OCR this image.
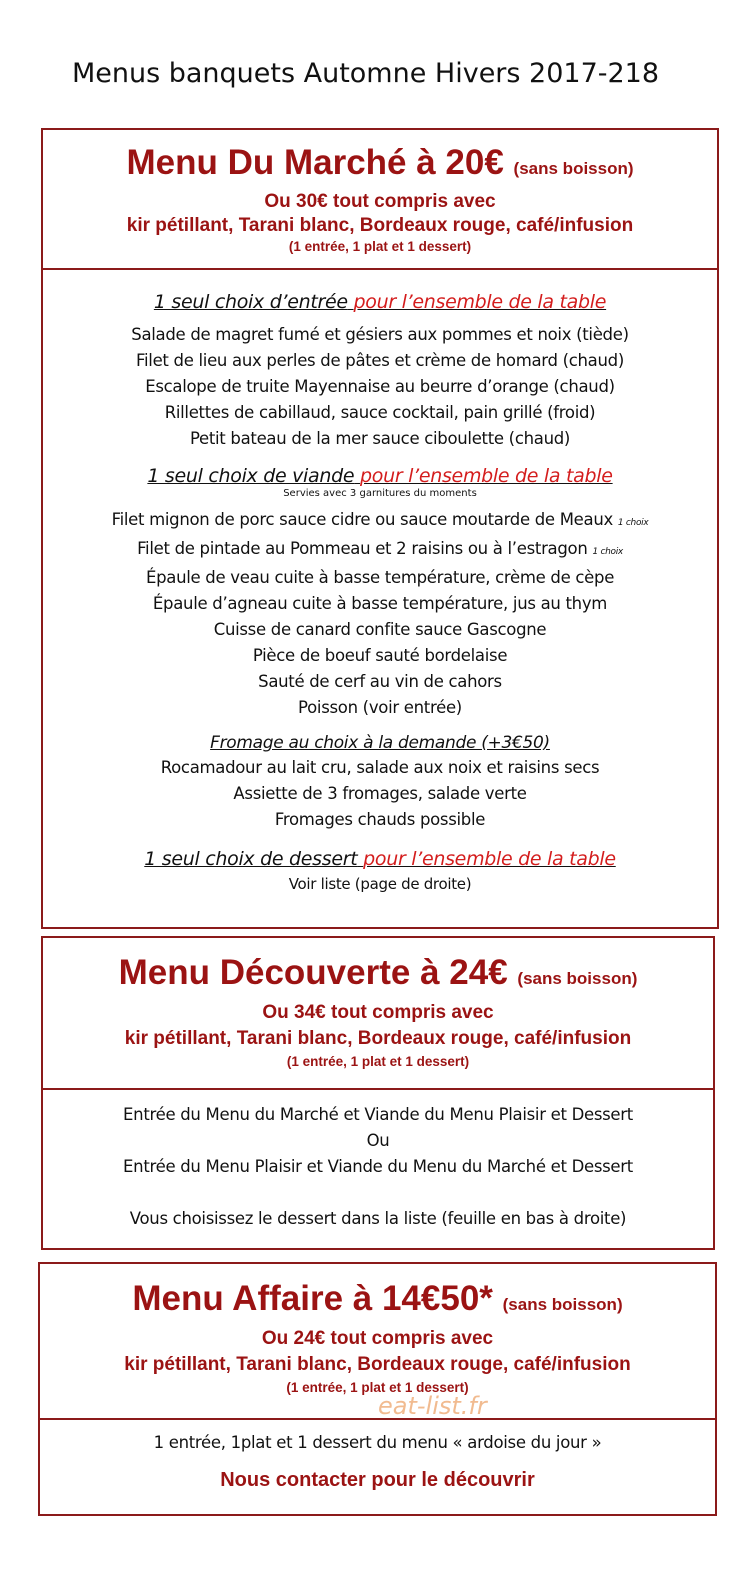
Menus banquets Automne Hivers 2017-218
Menu Du Marché à 20€ (sans boisson)
Ou 30€ tout compris avec
kir pétillant, Tarani blanc, Bordeaux rouge, café/infusion
(1 entrée, 1 plat et 1 dessert)
1 seul choix d’entrée pour l’ensemble de la table
Salade de magret fumé et gésiers aux pommes et noix (tiède)
Filet de lieu aux perles de pâtes et crème de homard (chaud)
Escalope de truite Mayennaise au beurre d’orange (chaud)
Rillettes de cabillaud, sauce cocktail, pain grillé (froid)
Petit bateau de la mer sauce ciboulette (chaud)
1 seul choix de viande pour l’ensemble de la table
Servies avec 3 garnitures du moments
Filet mignon de porc sauce cidre ou sauce moutarde de Meaux 1 choix
Filet de pintade au Pommeau et 2 raisins ou à l’estragon 1 choix
Épaule de veau cuite à basse température, crème de cèpe
Épaule d’agneau cuite à basse température, jus au thym
Cuisse de canard confite sauce Gascogne
Pièce de boeuf sauté bordelaise
Sauté de cerf au vin de cahors
Poisson (voir entrée)
Fromage au choix à la demande (+3€50)
Rocamadour au lait cru, salade aux noix et raisins secs
Assiette de 3 fromages, salade verte
Fromages chauds possible
1 seul choix de dessert pour l’ensemble de la table
Voir liste (page de droite)
Menu Découverte à 24€ (sans boisson)
Ou 34€ tout compris avec
kir pétillant, Tarani blanc, Bordeaux rouge, café/infusion
(1 entrée, 1 plat et 1 dessert)
Entrée du Menu du Marché et Viande du Menu Plaisir et Dessert
Ou
Entrée du Menu Plaisir et Viande du Menu du Marché et Dessert
Vous choisissez le dessert dans la liste (feuille en bas à droite)
Menu Affaire à 14€50* (sans boisson)
Ou 24€ tout compris avec
kir pétillant, Tarani blanc, Bordeaux rouge, café/infusion
(1 entrée, 1 plat et 1 dessert)
1 entrée, 1plat et 1 dessert du menu « ardoise du jour »
Nous contacter pour le découvrir
eat-list.fr
